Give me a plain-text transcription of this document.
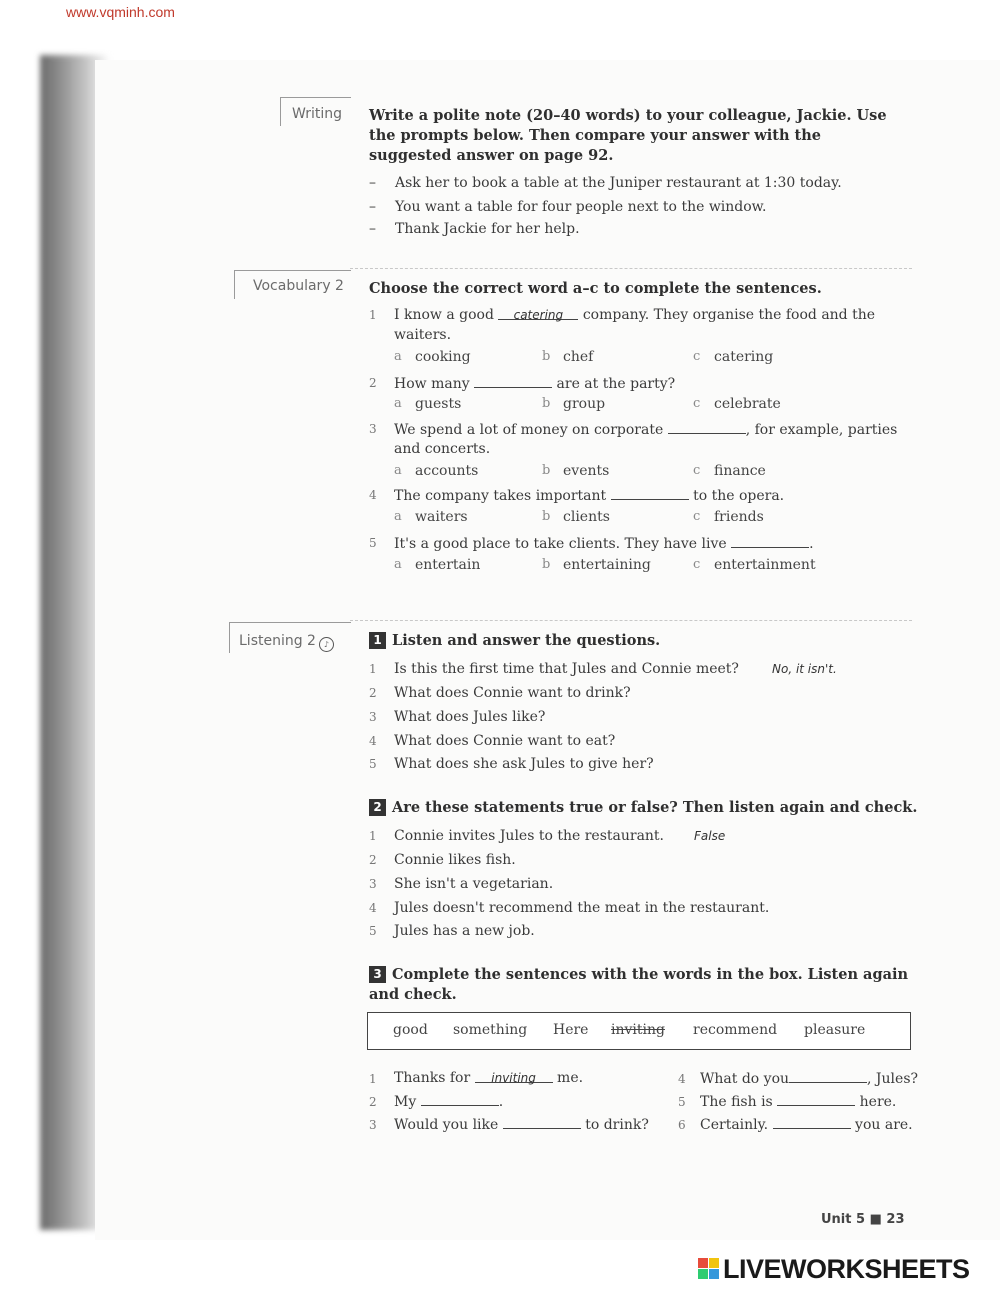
www.vqminh.com
Writing Write a polite note (20–40 words) to your colleague, Jackie. Use the prompts below. Then compare your answer with the suggested answer on page 92.
– Ask her to book a table at the Juniper restaurant at 1:30 today.
– You want a table for four people next to the window.
– Thank Jackie for her help.
Vocabulary 2 Choose the correct word a–c to complete the sentences.
1 I know a good catering company. They organise the food and the
waiters.
a cooking	b chef	c catering
2 How many	are at the party?
a guests	b group	c celebrate
3 We spend a lot of money on corporate	, for example, parties
and concerts.
a accounts	b events	c finance
4 The company takes important	to the opera.
a waiters	b clients	c friends
5 It's a good place to take clients. They have live	.
a entertain	b entertaining	c entertainment
Listening 2 ♪	1 Listen and answer the questions.
1 Is this the first time that Jules and Connie meet?	No, it isn't.
2 What does Connie want to drink?
3 What does Jules like?
4 What does Connie want to eat?
5 What does she ask Jules to give her?
2 Are these statements true or false? Then listen again and check.
1 Connie invites Jules to the restaurant. False
2 Connie likes fish.
3 She isn't a vegetarian.
4 Jules doesn't recommend the meat in the restaurant.
5 Jules has a new job.
3 Complete the sentences with the words in the box. Listen again
and check.
good something Here inviting recommend pleasure
1 Thanks for inviting me.
2 My	.
3 Would you like	to drink?
4 What do you	, Jules?
5 The fish is	here.
6 Certainly.	you are.
Unit 5 ■ 23
LIVEWORKSHEETS
